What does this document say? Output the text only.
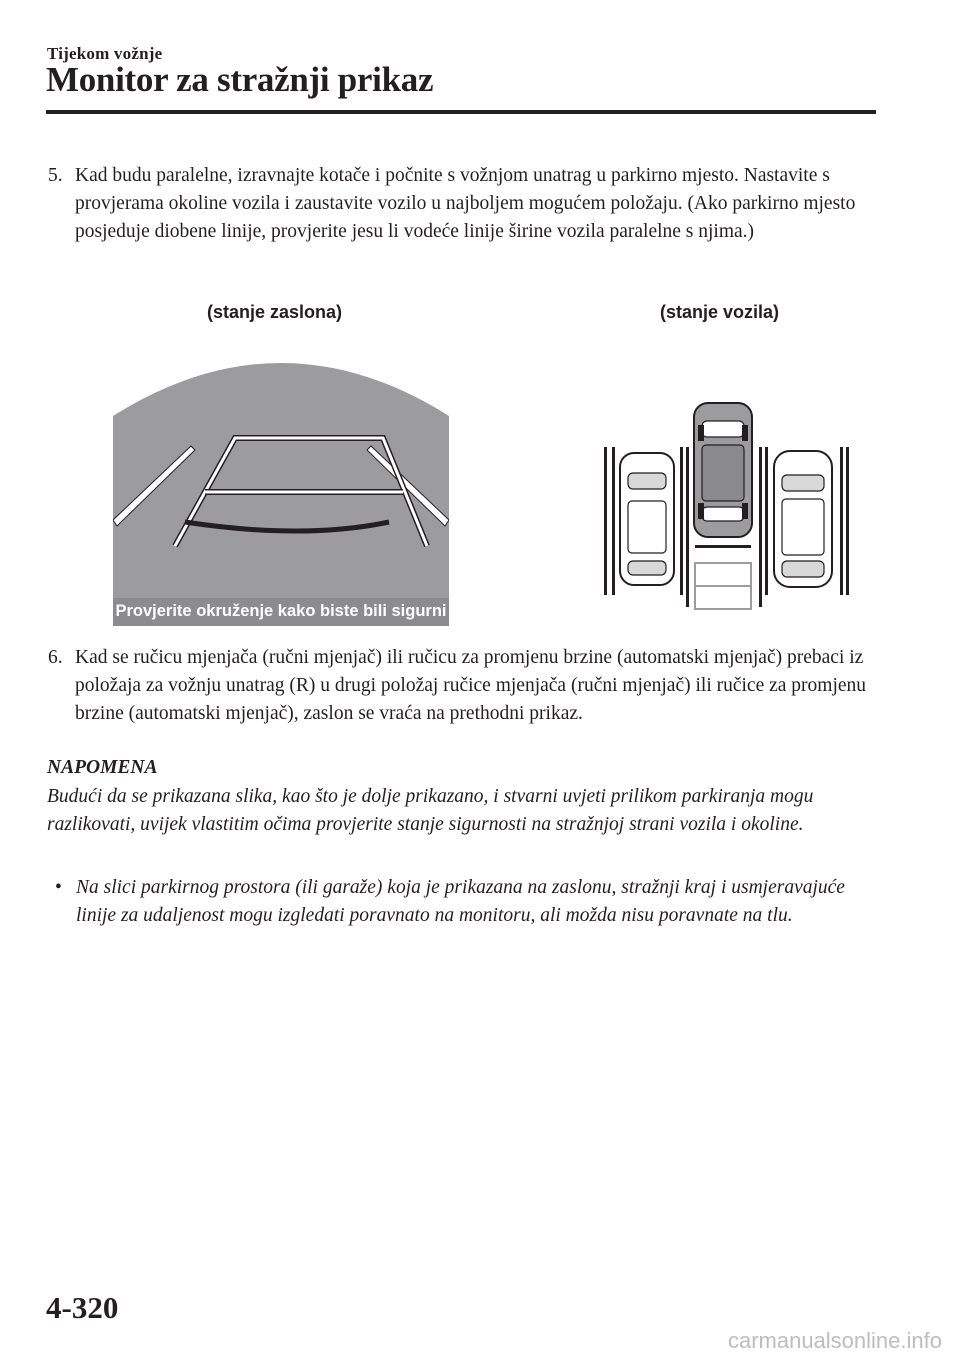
Tijekom vožnje
Monitor za stražnji prikaz
5. Kad budu paralelne, izravnajte kotače i počnite s vožnjom unatrag u parkirno mjesto. Nastavite s provjerama okoline vozila i zaustavite vozilo u najboljem mogućem položaju. (Ako parkirno mjesto posjeduje diobene linije, provjerite jesu li vodeće linije širine vozila paralelne s njima.)
(stanje zaslona)	(stanje vozila)
Provjerite okruženje kako biste bili sigurni
6. Kad se ručicu mjenjača (ručni mjenjač) ili ručicu za promjenu brzine (automatski mjenjač) prebaci iz položaja za vožnju unatrag (R) u drugi položaj ručice mjenjača (ručni mjenjač) ili ručice za promjenu brzine (automatski mjenjač), zaslon se vraća na prethodni prikaz.
NAPOMENA
Budući da se prikazana slika, kao što je dolje prikazano, i stvarni uvjeti prilikom parkiranja mogu razlikovati, uvijek vlastitim očima provjerite stanje sigurnosti na stražnjoj strani vozila i okoline.
• Na slici parkirnog prostora (ili garaže) koja je prikazana na zaslonu, stražnji kraj i usmjeravajuće linije za udaljenost mogu izgledati poravnato na monitoru, ali možda nisu poravnate na tlu.
4-320
carmanualsonline.info
